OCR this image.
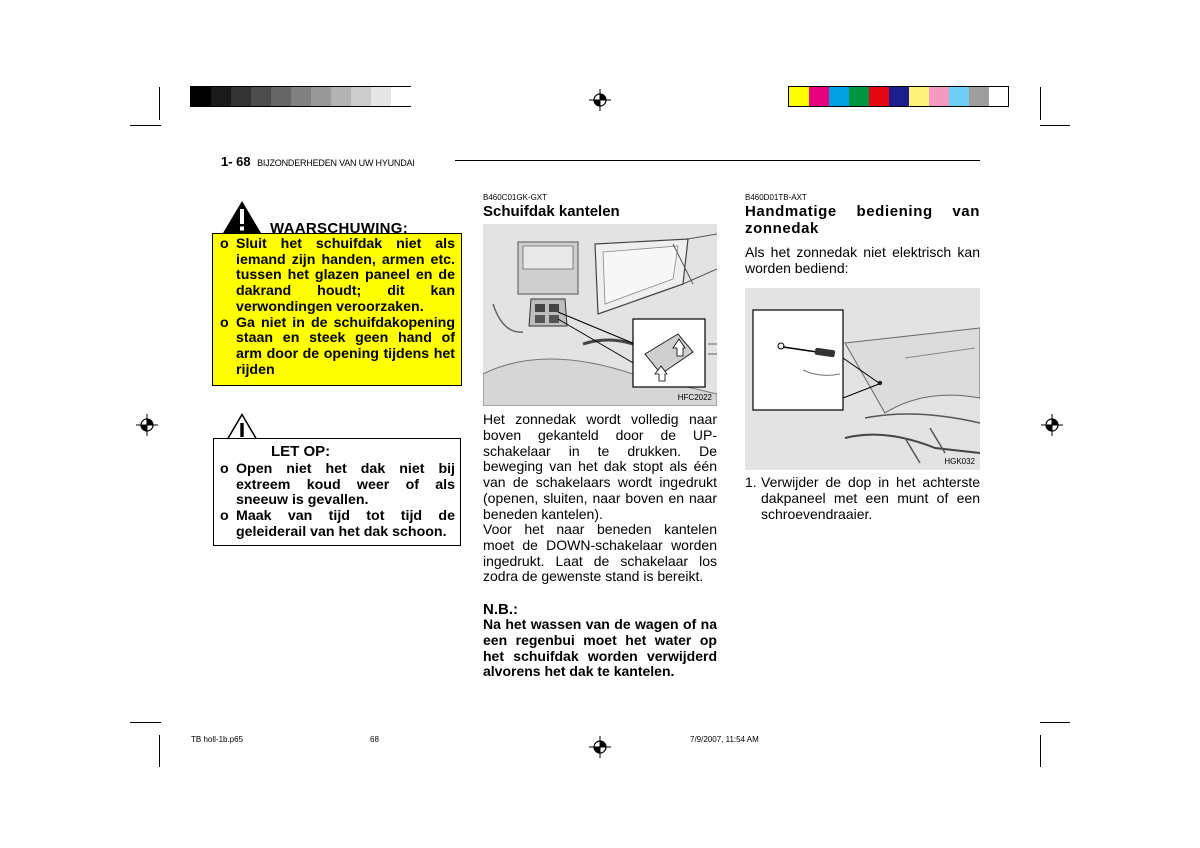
1- 68 BIJZONDERHEDEN VAN UW HYUNDAI
WAARSCHUWING:
o Sluit het schuifdak niet als iemand zijn handen, armen etc. tussen het glazen paneel en de dakrand houdt; dit kan verwondingen veroorzaken.
o Ga niet in de schuifdakopening staan en steek geen hand of arm door de opening tijdens het rijden
LET OP:
o Open niet het dak niet bij extreem koud weer of als sneeuw is gevallen.
o Maak van tijd tot tijd de geleiderail van het dak schoon.
B460C01GK-GXT
Schuifdak kantelen
HFC2022
Het zonnedak wordt volledig naar boven gekanteld door de UP-schakelaar in te drukken. De beweging van het dak stopt als één van de schakelaars wordt ingedrukt (openen, sluiten, naar boven en naar beneden kantelen).
Voor het naar beneden kantelen moet de DOWN-schakelaar worden ingedrukt. Laat de schakelaar los zodra de gewenste stand is bereikt.
N.B.:
Na het wassen van de wagen of na een regenbui moet het water op het schuifdak worden verwijderd alvorens het dak te kantelen.
B460D01TB-AXT
Handmatige bediening van zonnedak
Als het zonnedak niet elektrisch kan worden bediend:
HGK032
1. Verwijder de dop in het achterste dakpaneel met een munt of een schroevendraaier.
TB holl-1b.p65	68	7/9/2007, 11:54 AM
